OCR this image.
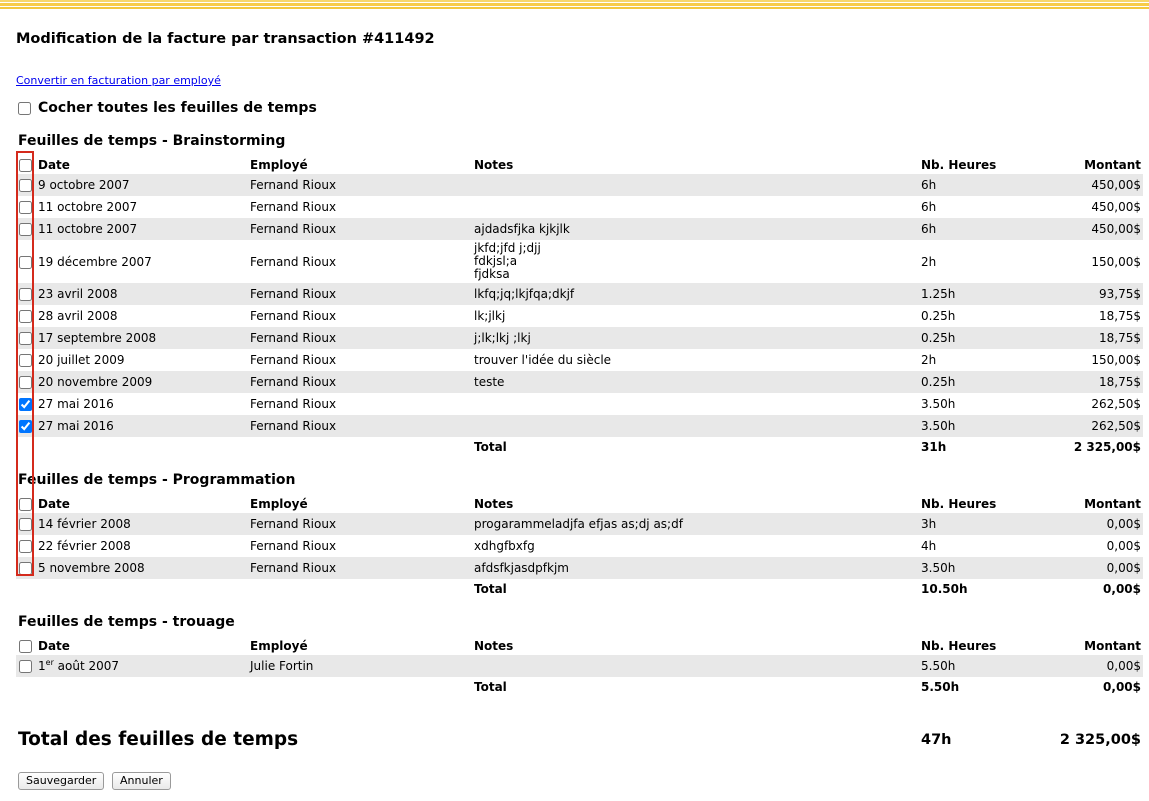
Modification de la facture par transaction #411492
Convertir en facturation par employé
Cocher toutes les feuilles de temps
Feuilles de temps - Brainstorming
	Date	Employé	Notes	Nb. Heures	Montant
	9 octobre 2007	Fernand Rioux		6h	450,00$
	11 octobre 2007	Fernand Rioux		6h	450,00$
	11 octobre 2007	Fernand Rioux	ajdadsfjka kjkjlk	6h	450,00$
	19 décembre 2007	Fernand Rioux	jkfd;jfd j;djj
fdkjsl;a
fjdksa	2h	150,00$
	23 avril 2008	Fernand Rioux	lkfq;jq;lkjfqa;dkjf	1.25h	93,75$
	28 avril 2008	Fernand Rioux	lk;jlkj	0.25h	18,75$
	17 septembre 2008	Fernand Rioux	j;lk;lkj ;lkj	0.25h	18,75$
	20 juillet 2009	Fernand Rioux	trouver l'idée du siècle	2h	150,00$
	20 novembre 2009	Fernand Rioux	teste	0.25h	18,75$
	27 mai 2016	Fernand Rioux		3.50h	262,50$
	27 mai 2016	Fernand Rioux		3.50h	262,50$
			Total	31h	2 325,00$
Feuilles de temps - Programmation
	Date	Employé	Notes	Nb. Heures	Montant
	14 février 2008	Fernand Rioux	progarammeladjfa efjas as;dj as;df	3h	0,00$
	22 février 2008	Fernand Rioux	xdhgfbxfg	4h	0,00$
	5 novembre 2008	Fernand Rioux	afdsfkjasdpfkjm	3.50h	0,00$
			Total	10.50h	0,00$
Feuilles de temps - trouage
	Date	Employé	Notes	Nb. Heures	Montant
	1er août 2007	Julie Fortin		5.50h	0,00$
			Total	5.50h	0,00$
Total des feuilles de temps	47h	2 325,00$
Sauvegarder	Annuler
